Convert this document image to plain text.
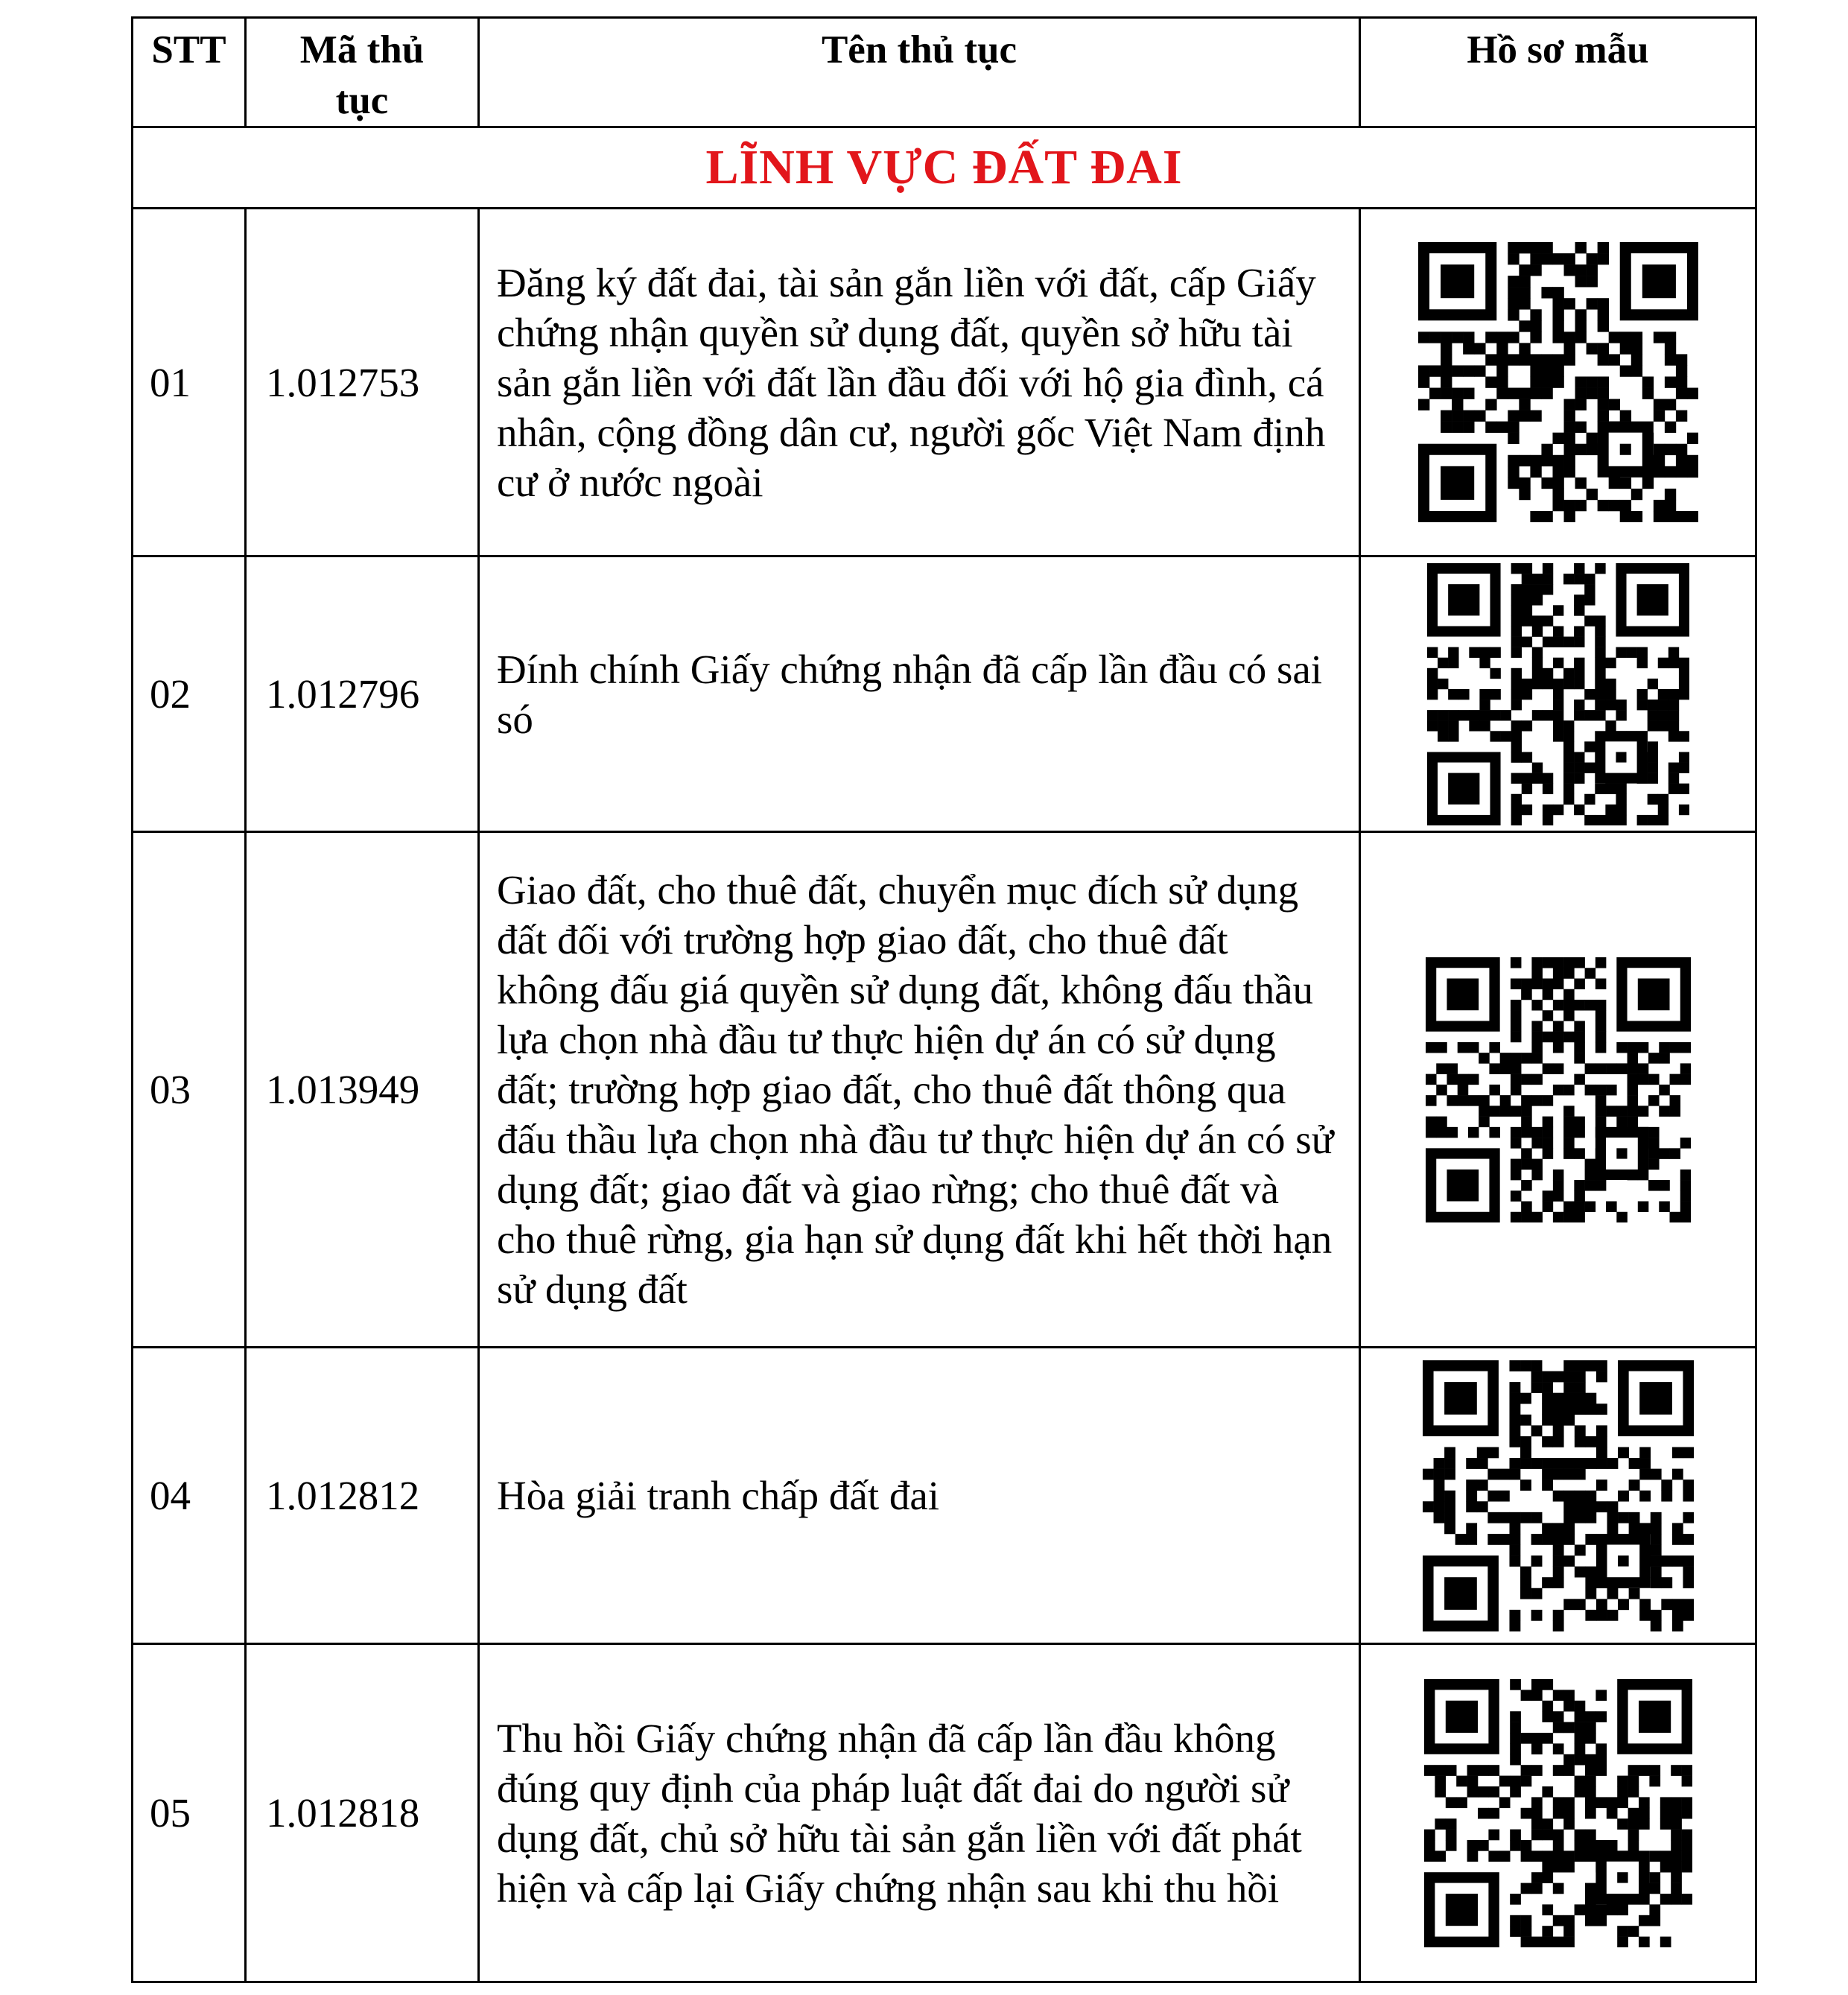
STT	Mã thủ tục	Tên thủ tục	Hồ sơ mẫu
LĨNH VỰC ĐẤT ĐAI			
01	1.012753	Đăng ký đất đai, tài sản gắn liền với đất, cấp Giấy chứng nhận quyền sử dụng đất, quyền sở hữu tài sản gắn liền với đất lần đầu đối với hộ gia đình, cá nhân, cộng đồng dân cư, người gốc Việt Nam định cư ở nước ngoài	

02	1.012796	Đính chính Giấy chứng nhận đã cấp lần đầu có sai só	

03	1.013949	Giao đất, cho thuê đất, chuyển mục đích sử dụng đất đối với trường hợp giao đất, cho thuê đất không đấu giá quyền sử dụng đất, không đấu thầu lựa chọn nhà đầu tư thực hiện dự án có sử dụng đất; trường hợp giao đất, cho thuê đất thông qua đấu thầu lựa chọn nhà đầu tư thực hiện dự án có sử dụng đất; giao đất và giao rừng; cho thuê đất và cho thuê rừng, gia hạn sử dụng đất khi hết thời hạn sử dụng đất	

04	1.012812	Hòa giải tranh chấp đất đai	

05	1.012818	Thu hồi Giấy chứng nhận đã cấp lần đầu không đúng quy định của pháp luật đất đai do người sử dụng đất, chủ sở hữu tài sản gắn liền với đất phát hiện và cấp lại Giấy chứng nhận sau khi thu hồi	
